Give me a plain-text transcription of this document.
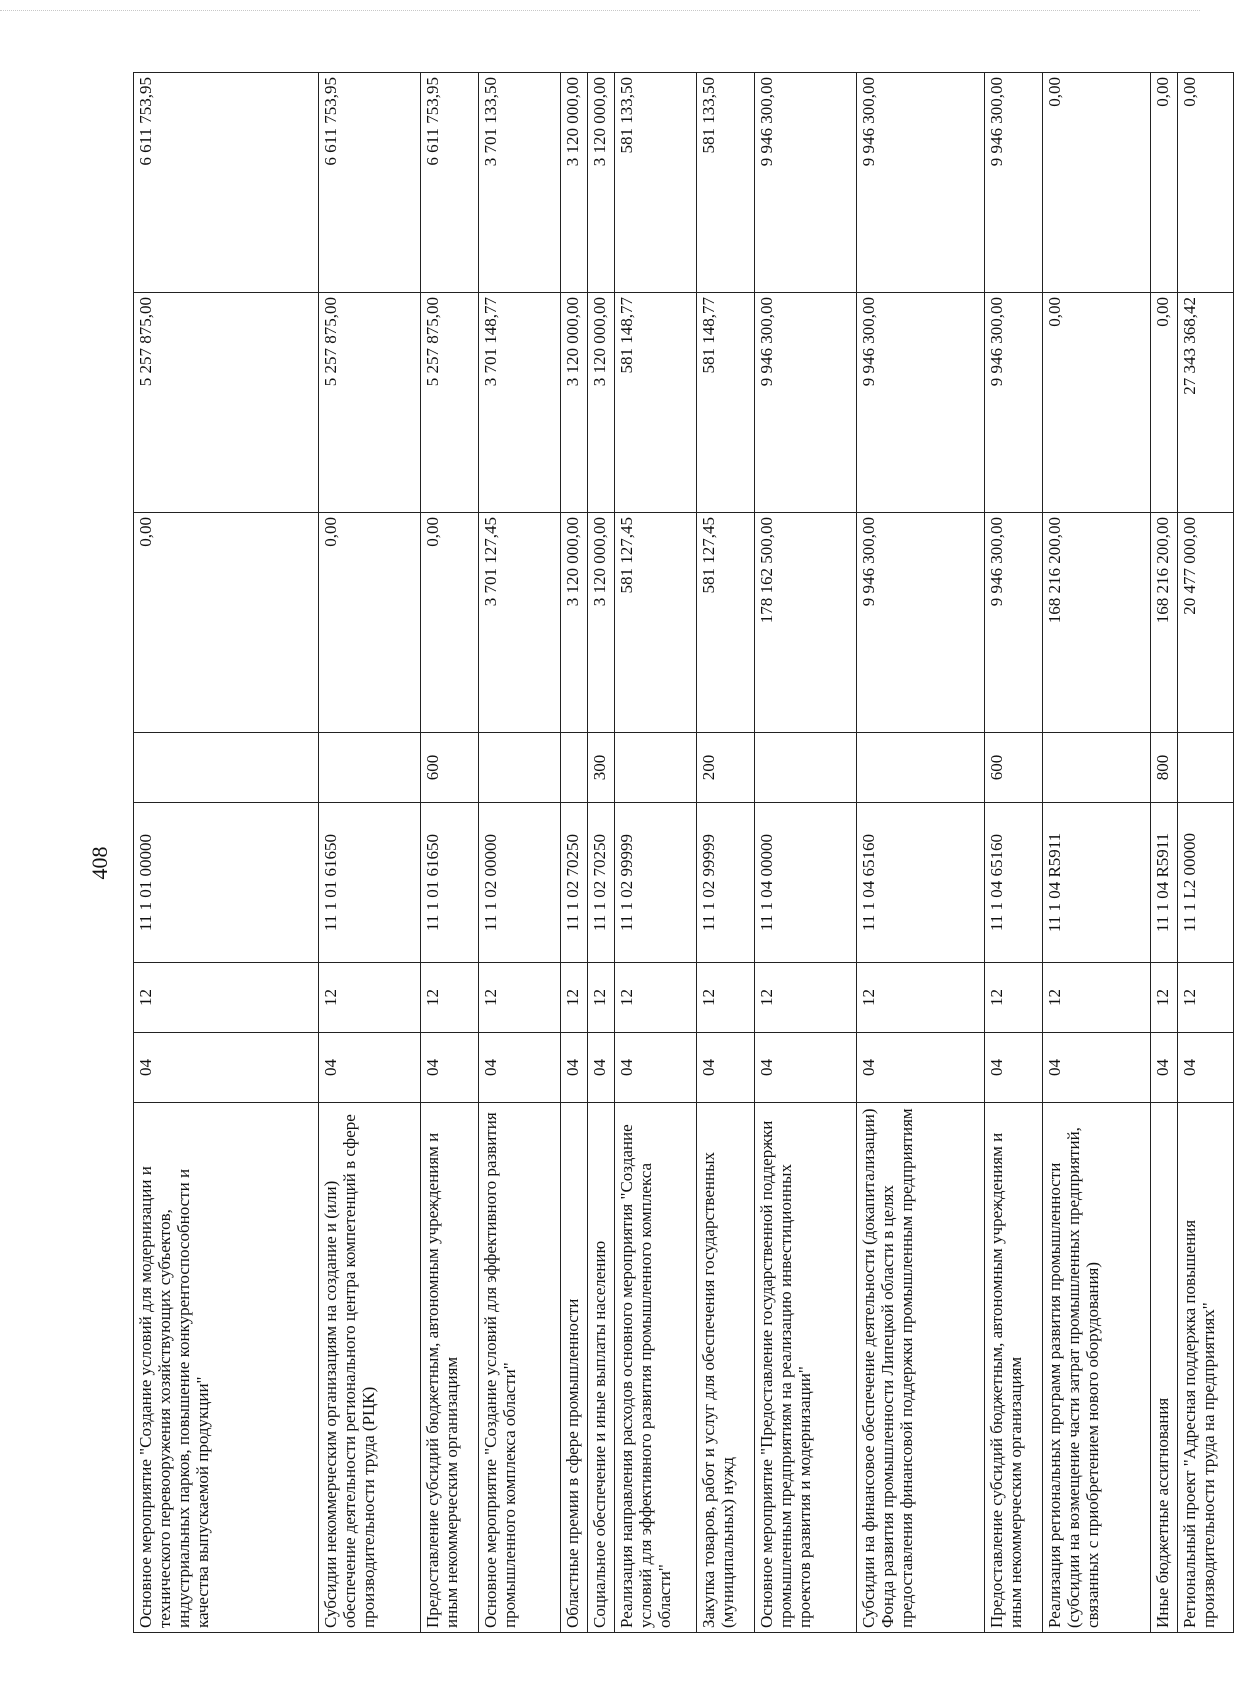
408
Основное мероприятие "Создание условий для модернизации и технического перевооружения хозяйствующих субъектов, индустриальных парков, повышение конкурентоспособности и качества выпускаемой продукции"	04	12	11 1 01 00000		0,00	5 257 875,00	6 611 753,95
Субсидии некоммерческим организациям на создание и (или) обеспечение деятельности регионального центра компетенций в сфере производительности труда (РЦК)	04	12	11 1 01 61650		0,00	5 257 875,00	6 611 753,95
Предоставление субсидий бюджетным, автономным учреждениям и иным некоммерческим организациям	04	12	11 1 01 61650	600	0,00	5 257 875,00	6 611 753,95
Основное мероприятие "Создание условий для эффективного развития промышленного комплекса области"	04	12	11 1 02 00000		3 701 127,45	3 701 148,77	3 701 133,50
Областные премии в сфере промышленности	04	12	11 1 02 70250		3 120 000,00	3 120 000,00	3 120 000,00
Социальное обеспечение и иные выплаты населению	04	12	11 1 02 70250	300	3 120 000,00	3 120 000,00	3 120 000,00
Реализация направления расходов основного мероприятия "Создание условий для эффективного развития промышленного комплекса области"	04	12	11 1 02 99999		581 127,45	581 148,77	581 133,50
Закупка товаров, работ и услуг для обеспечения государственных (муниципальных) нужд	04	12	11 1 02 99999	200	581 127,45	581 148,77	581 133,50
Основное мероприятие "Предоставление государственной поддержки промышленным предприятиям на реализацию инвестиционных проектов развития и модернизации"	04	12	11 1 04 00000		178 162 500,00	9 946 300,00	9 946 300,00
Субсидии на финансовое обеспечение деятельности (докапитализации) Фонда развития промышленности Липецкой области в целях предоставления финансовой поддержки промышленным предприятиям	04	12	11 1 04 65160		9 946 300,00	9 946 300,00	9 946 300,00
Предоставление субсидий бюджетным, автономным учреждениям и иным некоммерческим организациям	04	12	11 1 04 65160	600	9 946 300,00	9 946 300,00	9 946 300,00
Реализация региональных программ развития промышленности (субсидии на возмещение части затрат промышленных предприятий, связанных с приобретением нового оборудования)	04	12	11 1 04 R5911		168 216 200,00	0,00	0,00
Иные бюджетные ассигнования	04	12	11 1 04 R5911	800	168 216 200,00	0,00	0,00
Региональный проект "Адресная поддержка повышения производительности труда на предприятиях"	04	12	11 1 L2 00000		20 477 000,00	27 343 368,42	0,00
